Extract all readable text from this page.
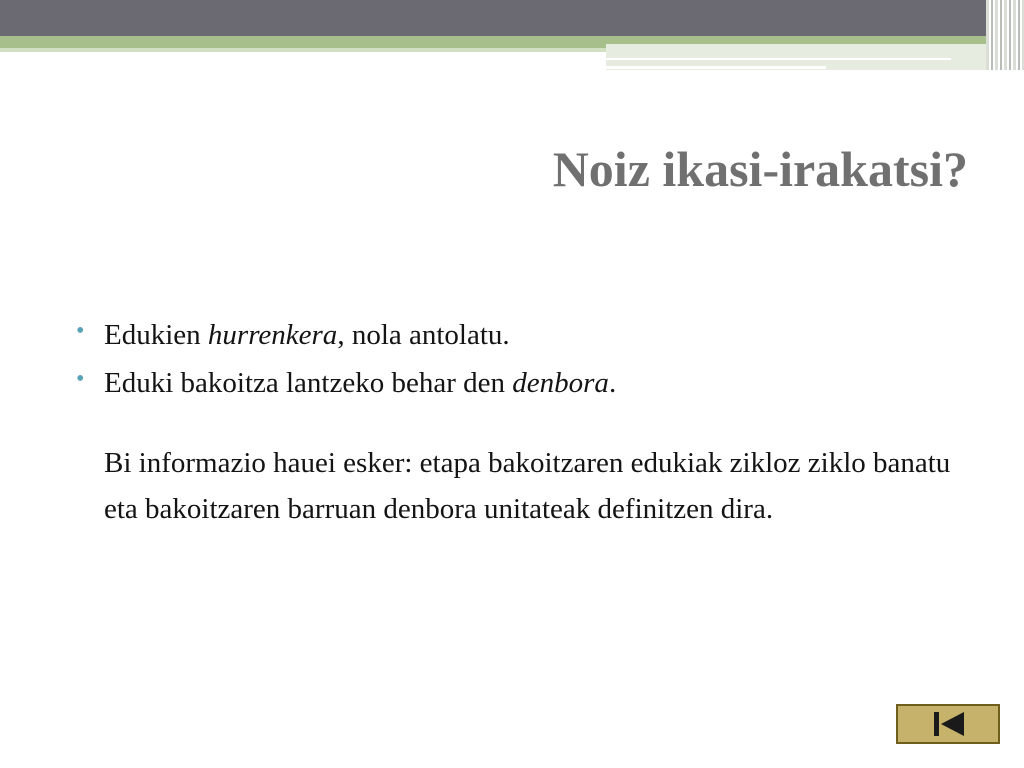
Noiz ikasi-irakatsi?
• Edukien hurrenkera, nola antolatu.
• Eduki bakoitza lantzeko behar den denbora.
Bi informazio hauei esker: etapa bakoitzaren edukiak zikloz ziklo banatu eta bakoitzaren barruan denbora unitateak definitzen dira.
